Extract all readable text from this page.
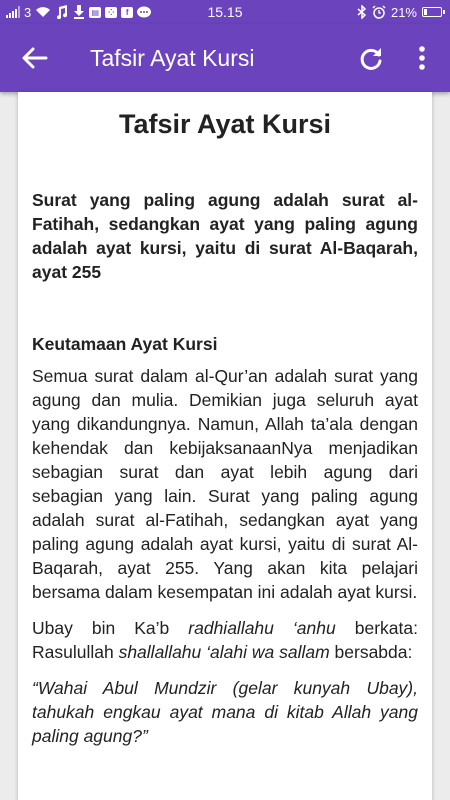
3	▤	⁘	f	15.15	21%
Tafsir Ayat Kursi
Tafsir Ayat Kursi
Surat yang paling agung adalah surat al-Fatihah, sedangkan ayat yang paling agung adalah ayat kursi, yaitu di surat Al-Baqarah, ayat 255
Keutamaan Ayat Kursi

Semua surat dalam al-Qur’an adalah surat yang agung dan mulia. Demikian juga seluruh ayat yang dikandungnya. Namun, Allah ta’ala dengan kehendak dan kebijaksanaanNya menjadikan sebagian surat dan ayat lebih agung dari sebagian yang lain. Surat yang paling agung adalah surat al-Fatihah, sedangkan ayat yang paling agung adalah ayat kursi, yaitu di surat Al-Baqarah, ayat 255. Yang akan kita pelajari bersama dalam kesempatan ini adalah ayat kursi.

Ubay bin Ka’b radhiallahu ‘anhu berkata: Rasulullah shallallahu ‘alahi wa sallam bersabda:

“Wahai Abul Mundzir (gelar kunyah Ubay), tahukah engkau ayat mana di kitab Allah yang paling agung?”
